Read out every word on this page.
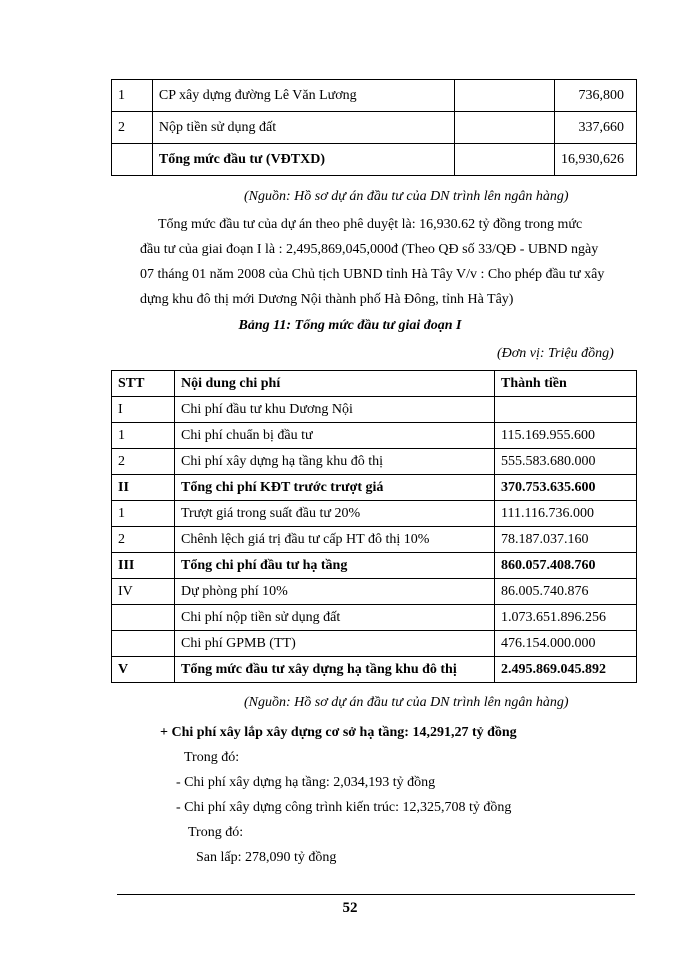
1	CP xây dựng đường Lê Văn Lương		736,800
2	Nộp tiền sử dụng đất		337,660
	Tổng mức đầu tư (VĐTXD)		16,930,626

(Nguồn: Hồ sơ dự án đầu tư của DN trình lên ngân hàng)

Tổng mức đầu tư của dự án theo phê duyệt là: 16,930.62 tỷ đồng trong mức

đầu tư của giai đoạn I là : 2,495,869,045,000đ (Theo QĐ số 33/QĐ - UBND ngày

07 tháng 01 năm 2008 của Chủ tịch UBND tỉnh Hà Tây V/v : Cho phép đầu tư xây

dựng khu đô thị mới Dương Nội thành phố Hà Đông, tỉnh Hà Tây)

Bảng 11: Tổng mức đầu tư giai đoạn I

(Đơn vị: Triệu đồng)

STT	Nội dung chi phí	Thành tiền
I	Chi phí đầu tư khu Dương Nội	
1	Chi phí chuẩn bị đầu tư	115.169.955.600
2	Chi phí xây dựng hạ tầng khu đô thị	555.583.680.000
II	Tổng chi phí KĐT trước trượt giá	370.753.635.600
1	Trượt giá trong suất đầu tư 20%	111.116.736.000
2	Chênh lệch giá trị đầu tư cấp HT đô thị 10%	78.187.037.160
III	Tổng chi phí đầu tư hạ tầng	860.057.408.760
IV	Dự phòng phí 10%	86.005.740.876
	Chi phí nộp tiền sử dụng đất	1.073.651.896.256
	Chi phí GPMB (TT)	476.154.000.000
V	Tổng mức đầu tư xây dựng hạ tầng khu đô thị	2.495.869.045.892

(Nguồn: Hồ sơ dự án đầu tư của DN trình lên ngân hàng)

+ Chi phí xây lắp xây dựng cơ sở hạ tầng: 14,291,27 tỷ đồng

Trong đó:

- Chi phí xây dựng hạ tầng: 2,034,193 tỷ đồng

- Chi phí xây dựng công trình kiến trúc: 12,325,708 tỷ đồng

Trong đó:

San lấp: 278,090 tỷ đồng

52
